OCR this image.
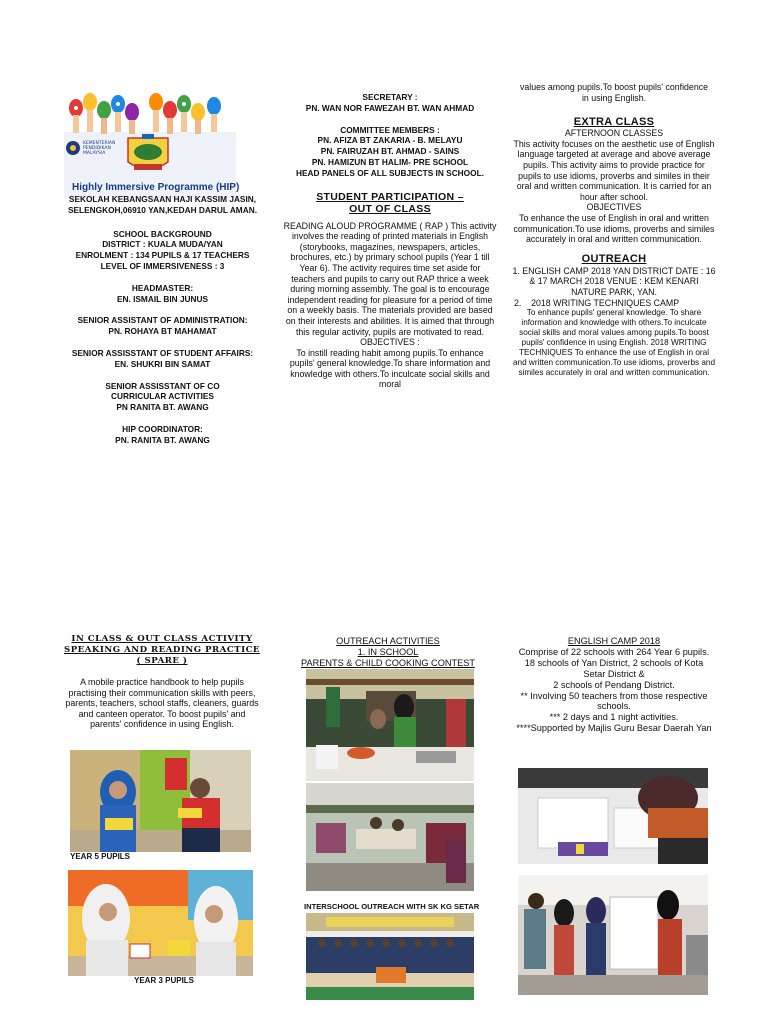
KEMENTERIAN
PENDIDIKAN
MALAYSIA
Highly Immersive Programme (HIP)

SEKOLAH KEBANGSAAN HAJI KASSIM JASIN, SELENGKOH,06910 YAN,KEDAH DARUL AMAN.

SCHOOL BACKGROUND

DISTRICT : KUALA MUDA/YAN

ENROLMENT : 134 PUPILS & 17 TEACHERS

LEVEL OF IMMERSIVENESS : 3

HEADMASTER:

EN. ISMAIL BIN JUNUS

SENIOR ASSISTANT OF ADMINISTRATION:

PN. ROHAYA BT MAHAMAT

SENIOR ASSISSTANT OF STUDENT AFFAIRS:

EN. SHUKRI BIN SAMAT

SENIOR ASSISSTANT OF CO

CURRICULAR ACTIVITIES

PN RANITA BT. AWANG

HIP COORDINATOR:

PN. RANITA BT. AWANG

SECRETARY :

PN. WAN NOR FAWEZAH BT. WAN AHMAD

COMMITTEE MEMBERS :

PN. AFIZA BT ZAKARIA - B. MELAYU

PN. FAIRUZAH BT. AHMAD - SAINS

PN. HAMIZUN BT HALIM- PRE SCHOOL

HEAD PANELS OF ALL SUBJECTS IN SCHOOL.

STUDENT PARTICIPATION –

OUT OF CLASS

READING ALOUD PROGRAMME ( RAP ) This activity involves the reading of printed materials in English (storybooks, magazines, newspapers, articles, brochures, etc.) by primary school pupils (Year 1 till Year 6). The activity requires time set aside for teachers and pupils to carry out RAP thrice a week during morning assembly. The goal is to encourage independent reading for pleasure for a period of time on a weekly basis. The materials provided are based on their interests and abilities. It is aimed that through this regular activity, pupils are motivated to read.

OBJECTIVES :

To instill reading habit among pupils.To enhance pupils' general knowledge.To share information and knowledge with others.To inculcate social skills and moral

values among pupils.To boost pupils' confidence in using English.

EXTRA CLASS

AFTERNOON CLASSES

This activity focuses on the aesthetic use of English language targeted at average and above average pupils. This activity aims to provide practice for pupils to use idioms, proverbs and similes in their oral and written communication. It is carried for an hour after school.

OBJECTIVES

To enhance the use of English in oral and written communication.To use idioms, proverbs and similes accurately in oral and written communication.

OUTREACH

1. ENGLISH CAMP 2018 YAN DISTRICT DATE : 16 & 17 MARCH 2018 VENUE : KEM KENARI NATURE PARK, YAN.

2. 2018 WRITING TECHNIQUES CAMP

To enhance pupils' general knowledge. To share information and knowledge with others.To inculcate social skills and moral values among pupils.To boost pupils' confidence in using English. 2018 WRITING TECHNIQUES To enhance the use of English in oral and written communication.To use idioms, proverbs and similes accurately in oral and written communication.

IN CLASS & OUT CLASS ACTIVITY

SPEAKING AND READING PRACTICE

( SPARE )

A mobile practice handbook to help pupils practising their communication skills with peers, parents, teachers, school staffs, cleaners, guards and canteen operator. To boost pupils' and parents' confidence in using English.

YEAR 5 PUPILS
YEAR 3 PUPILS

OUTREACH ACTIVITIES

1. IN SCHOOL

PARENTS & CHILD COOKING CONTEST

INTERSCHOOL OUTREACH WITH SK KG SETAR

ENGLISH CAMP 2018

Comprise of 22 schools with 264 Year 6 pupils.

18 schools of Yan District, 2 schools of Kota Setar District &

2 schools of Pendang District.

** Involving 50 teachers from those respective schools.

*** 2 days and 1 night activities.

****Supported by Majlis Guru Besar Daerah Yan
